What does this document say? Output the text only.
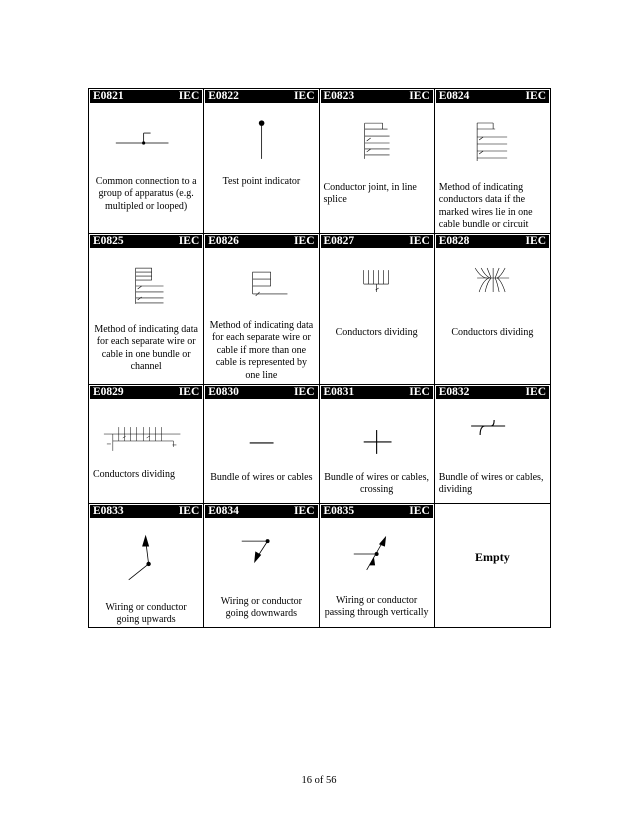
E0821	IEC
Common connection to a group of apparatus (e.g. multipled or looped)
E0822	IEC
Test point indicator
E0823	IEC
Conductor joint, in line splice
E0824	IEC
Method of indicating conductors data if the marked wires lie in one cable bundle or circuit
E0825	IEC
Method of indicating data for each separate wire or cable in one bundle or channel
E0826	IEC
Method of indicating data for each separate wire or cable if more than one cable is represented by one line
E0827	IEC
Conductors dividing
E0828	IEC
Conductors dividing
E0829	IEC
Conductors dividing
E0830	IEC
Bundle of wires or cables
E0831	IEC
Bundle of wires or cables, crossing
E0832	IEC
Bundle of wires or cables, dividing
E0833	IEC
Wiring or conductor going upwards
E0834	IEC
Wiring or conductor going downwards
E0835	IEC
Wiring or conductor passing through vertically
Empty
16 of 56
